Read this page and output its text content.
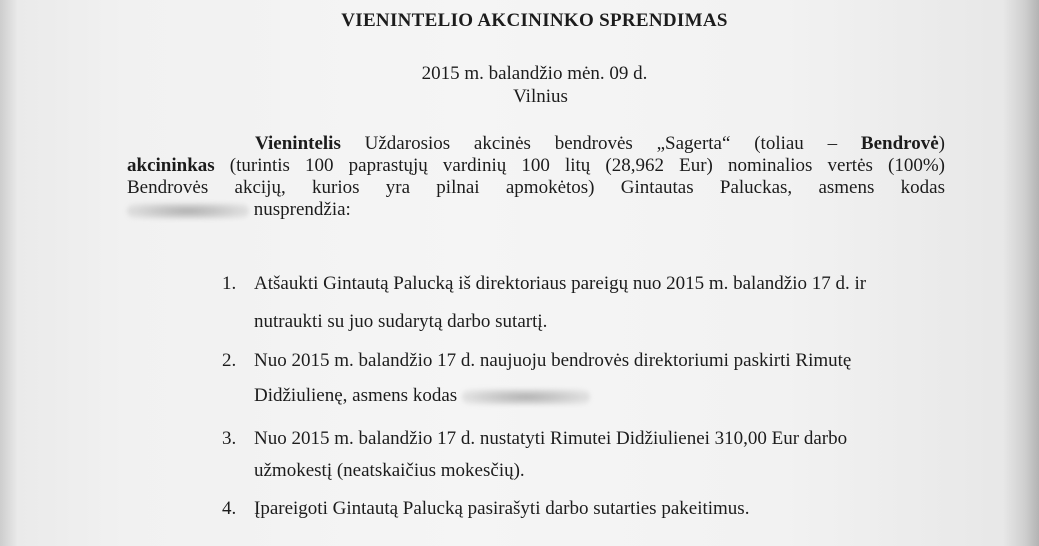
VIENINTELIO AKCININKO SPRENDIMAS
2015 m. balandžio mėn. 09 d.
Vilnius
Vienintelis Uždarosios akcinės bendrovės „Sagerta“ (toliau – Bendrovė)
akcininkas (turintis 100 paprastųjų vardinių 100 litų (28,962 Eur) nominalios vertės (100%)
Bendrovės akcijų, kurios yra pilnai apmokėtos) Gintautas Paluckas, asmens kodas
nusprendžia:
1. Atšaukti Gintautą Palucką iš direktoriaus pareigų nuo 2015 m. balandžio 17 d. ir
nutraukti su juo sudarytą darbo sutartį.
2. Nuo 2015 m. balandžio 17 d. naujuoju bendrovės direktoriumi paskirti Rimutę
Didžiulienę, asmens kodas
3. Nuo 2015 m. balandžio 17 d. nustatyti Rimutei Didžiulienei 310,00 Eur darbo
užmokestį (neatskaičius mokesčių).
4. Įpareigoti Gintautą Palucką pasirašyti darbo sutarties pakeitimus.
